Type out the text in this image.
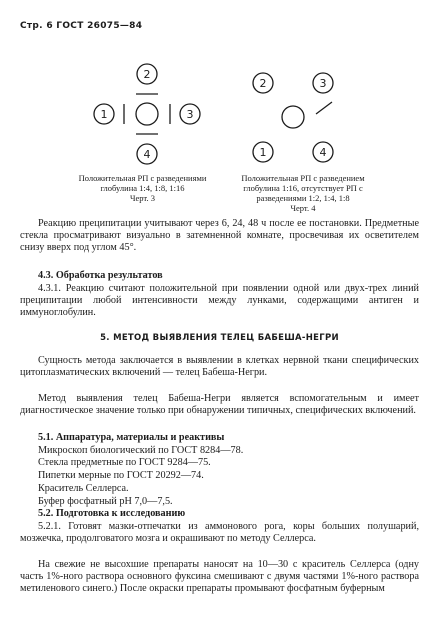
Стр. 6 ГОСТ 26075—84
2
1	3
4
Положительная РП с разведениями глобулина 1:4, 1:8, 1:16
Черт. 3
2	3
1	4
Положительная РП с разведением глобулина 1:16, отсутствует РП с разведениями 1:2, 1:4, 1:8
Черт. 4
Реакцию преципитации учитывают через 6, 24, 48 ч после ее постановки. Предметные стекла просматривают визуально в затемненной комнате, просвечивая их осветителем снизу вверх под углом 45°.
4.3. Обработка результатов
4.3.1. Реакцию считают положительной при появлении одной или двух-трех линий преципитации любой интенсивности между лунками, содержащими антиген и иммуноглобулин.
5. МЕТОД ВЫЯВЛЕНИЯ ТЕЛЕЦ БАБЕША-НЕГРИ
Сущность метода заключается в выявлении в клетках нервной ткани специфических цитоплазматических включений — телец Бабеша-Негри.
Метод выявления телец Бабеша-Негри является вспомогательным и имеет диагностическое значение только при обнаружении типичных, специфических включений.
5.1. Аппаратура, материалы и реактивы
Микроскоп биологический по ГОСТ 8284—78.
Стекла предметные по ГОСТ 9284—75.
Пипетки мерные по ГОСТ 20292—74.
Краситель Селлерса.
Буфер фосфатный рН 7,0—7,5.
5.2. Подготовка к исследованию
5.2.1. Готовят мазки-отпечатки из аммонового рога, коры больших полушарий, мозжечка, продолговатого мозга и окрашивают по методу Селлерса.
На свежие не высохшие препараты наносят на 10—30 с краситель Селлерса (одну часть 1%-ного раствора основного фуксина смешивают с двумя частями 1%-ного раствора метиленового синего.) После окраски препараты промывают фосфатным буферным
